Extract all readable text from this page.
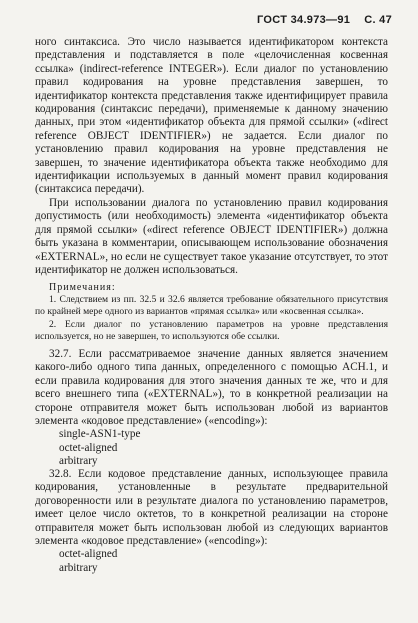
ГОСТ 34.973—91 С. 47

ного синтаксиса. Это число называется идентификатором контекста представления и подставляется в поле «целочисленная косвенная ссылка» (indirect-reference INTEGER»). Если диалог по установлению правил кодирования на уровне представления завершен, то идентификатор контекста представления также идентифицирует правила кодирования (синтаксис передачи), применяемые к данному значению данных, при этом «идентификатор объекта для прямой ссылки» («direct reference OBJECT IDENTIFIER») не задается. Если диалог по установлению правил кодирования на уровне представления не завершен, то значение идентификатора объекта также необходимо для идентификации используемых в данный момент правил кодирования (синтаксиса передачи).

При использовании диалога по установлению правил кодирования допустимость (или необходимость) элемента «идентификатор объекта для прямой ссылки» («direct reference OBJECT IDENTIFIER») должна быть указана в комментарии, описывающем использование обозначения «EXTERNAL», но если не существует такое указание отсутствует, то этот идентификатор не должен использоваться.

Примечания:
1. Следствием из пп. 32.5 и 32.6 является требование обязательного присутствия по крайней мере одного из вариантов «прямая ссылка» или «косвенная ссылка».
2. Если диалог по установлению параметров на уровне представления используется, но не завершен, то используются обе ссылки.

32.7. Если рассматриваемое значение данных является значением какого-либо одного типа данных, определенного с помощью ACH.1, и если правила кодирования для этого значения данных те же, что и для всего внешнего типа («EXTERNAL»), то в конкретной реализации на стороне отправителя может быть использован любой из вариантов элемента «кодовое представление» («encoding»):

single-ASN1-type
octet-aligned
arbitrary

32.8. Если кодовое представление данных, использующее правила кодирования, установленные в результате предварительной договоренности или в результате диалога по установлению параметров, имеет целое число октетов, то в конкретной реализации на стороне отправителя может быть использован любой из следующих вариантов элемента «кодовое представление» («encoding»):

octet-aligned
arbitrary
